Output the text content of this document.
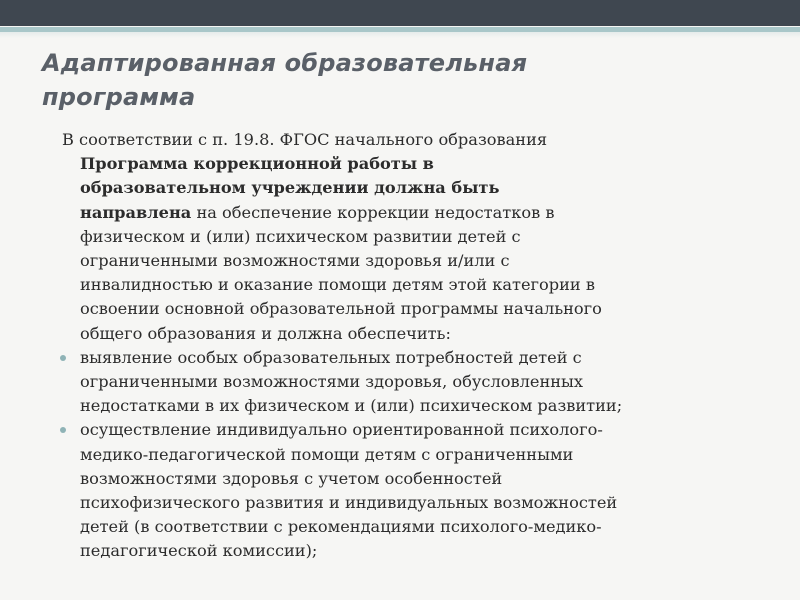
Адаптированная образовательная
программа

В соответствии с п. 19.8. ФГОС начального образования

Программа коррекционной работы в
образовательном учреждении должна быть
направлена на обеспечение коррекции недостатков в
физическом и (или) психическом развитии детей с
ограниченными возможностями здоровья и/или с
инвалидностью и оказание помощи детям этой категории в
освоении основной образовательной программы начального
общего образования и должна обеспечить:
выявление особых образовательных потребностей детей с
ограниченными возможностями здоровья, обусловленных
недостатками в их физическом и (или) психическом развитии;
осуществление индивидуально ориентированной психолого-
медико-педагогической помощи детям с ограниченными
возможностями здоровья с учетом особенностей
психофизического развития и индивидуальных возможностей
детей (в соответствии с рекомендациями психолого-медико-
педагогической комиссии);
